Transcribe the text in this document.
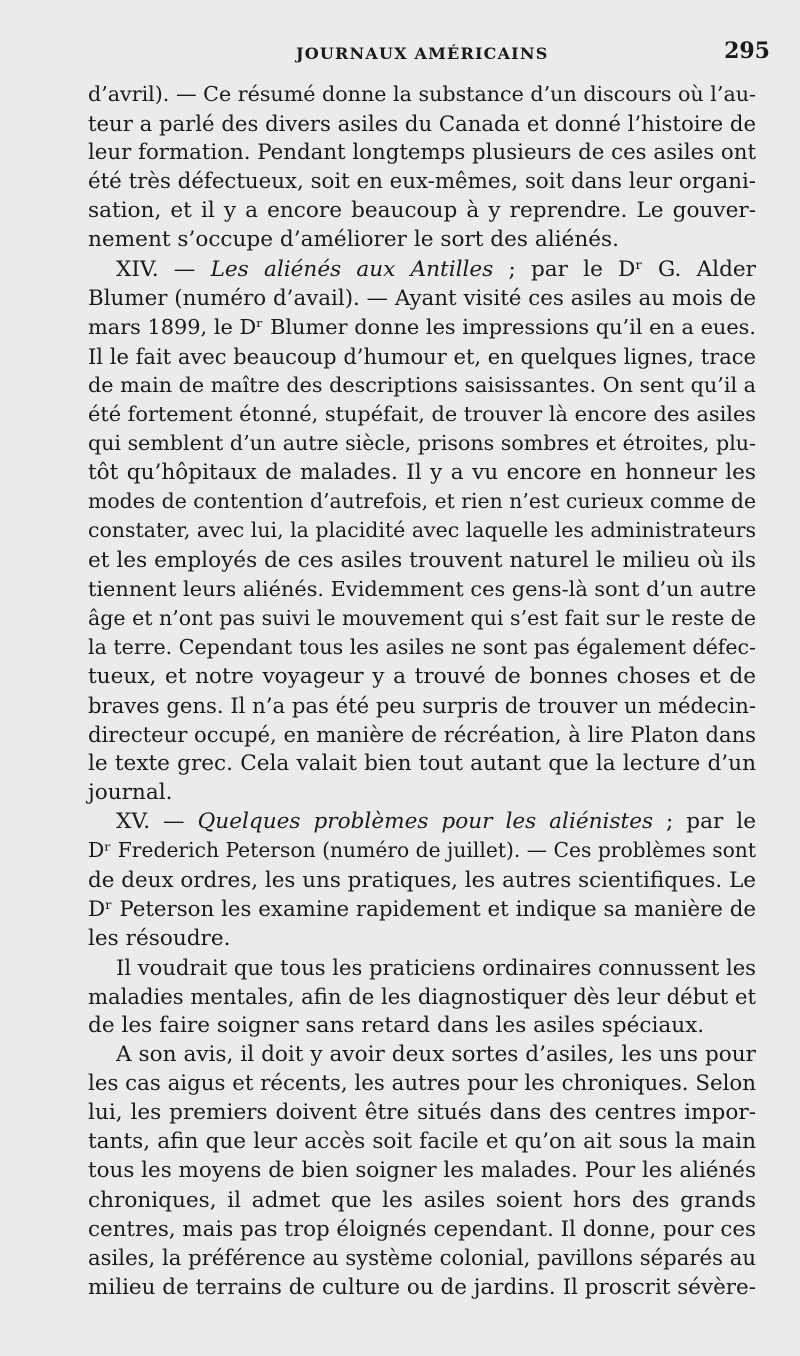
JOURNAUX AMÉRICAINS	295
d’avril). — Ce résumé donne la substance d’un discours où l’au-
teur a parlé des divers asiles du Canada et donné l’histoire de
leur formation. Pendant longtemps plusieurs de ces asiles ont
été très défectueux, soit en eux-mêmes, soit dans leur organi-
sation, et il y a encore beaucoup à y reprendre. Le gouver-
nement s’occupe d’améliorer le sort des aliénés.
XIV. — Les aliénés aux Antilles ; par le Dʳ G. Alder
Blumer (numéro d’avail). — Ayant visité ces asiles au mois de
mars 1899, le Dʳ Blumer donne les impressions qu’il en a eues.
Il le fait avec beaucoup d’humour et, en quelques lignes, trace
de main de maître des descriptions saisissantes. On sent qu’il a
été fortement étonné, stupéfait, de trouver là encore des asiles
qui semblent d’un autre siècle, prisons sombres et étroites, plu-
tôt qu’hôpitaux de malades. Il y a vu encore en honneur les
modes de contention d’autrefois, et rien n’est curieux comme de
constater, avec lui, la placidité avec laquelle les administrateurs
et les employés de ces asiles trouvent naturel le milieu où ils
tiennent leurs aliénés. Evidemment ces gens-là sont d’un autre
âge et n’ont pas suivi le mouvement qui s’est fait sur le reste de
la terre. Cependant tous les asiles ne sont pas également défec-
tueux, et notre voyageur y a trouvé de bonnes choses et de
braves gens. Il n’a pas été peu surpris de trouver un médecin-
directeur occupé, en manière de récréation, à lire Platon dans
le texte grec. Cela valait bien tout autant que la lecture d’un
journal.
XV. — Quelques problèmes pour les aliénistes ; par le
Dʳ Frederich Peterson (numéro de juillet). — Ces problèmes sont
de deux ordres, les uns pratiques, les autres scientifiques. Le
Dʳ Peterson les examine rapidement et indique sa manière de
les résoudre.
Il voudrait que tous les praticiens ordinaires connussent les
maladies mentales, afin de les diagnostiquer dès leur début et
de les faire soigner sans retard dans les asiles spéciaux.
A son avis, il doit y avoir deux sortes d’asiles, les uns pour
les cas aigus et récents, les autres pour les chroniques. Selon
lui, les premiers doivent être situés dans des centres impor-
tants, afin que leur accès soit facile et qu’on ait sous la main
tous les moyens de bien soigner les malades. Pour les aliénés
chroniques, il admet que les asiles soient hors des grands
centres, mais pas trop éloignés cependant. Il donne, pour ces
asiles, la préférence au système colonial, pavillons séparés au
milieu de terrains de culture ou de jardins. Il proscrit sévère-
